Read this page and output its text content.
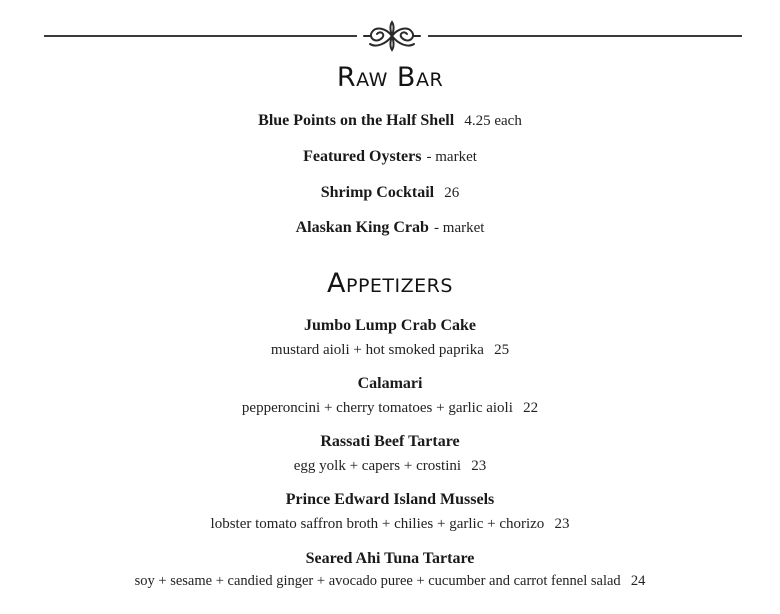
Raw Bar
Blue Points on the Half Shell 4.25 each
Featured Oysters - market
Shrimp Cocktail 26
Alaskan King Crab - market
Appetizers
Jumbo Lump Crab Cake
mustard aioli + hot smoked paprika 25
Calamari
pepperoncini + cherry tomatoes + garlic aioli 22
Rassati Beef Tartare
egg yolk + capers + crostini 23
Prince Edward Island Mussels
lobster tomato saffron broth + chilies + garlic + chorizo 23
Seared Ahi Tuna Tartare
soy + sesame + candied ginger + avocado puree + cucumber and carrot fennel salad 24
